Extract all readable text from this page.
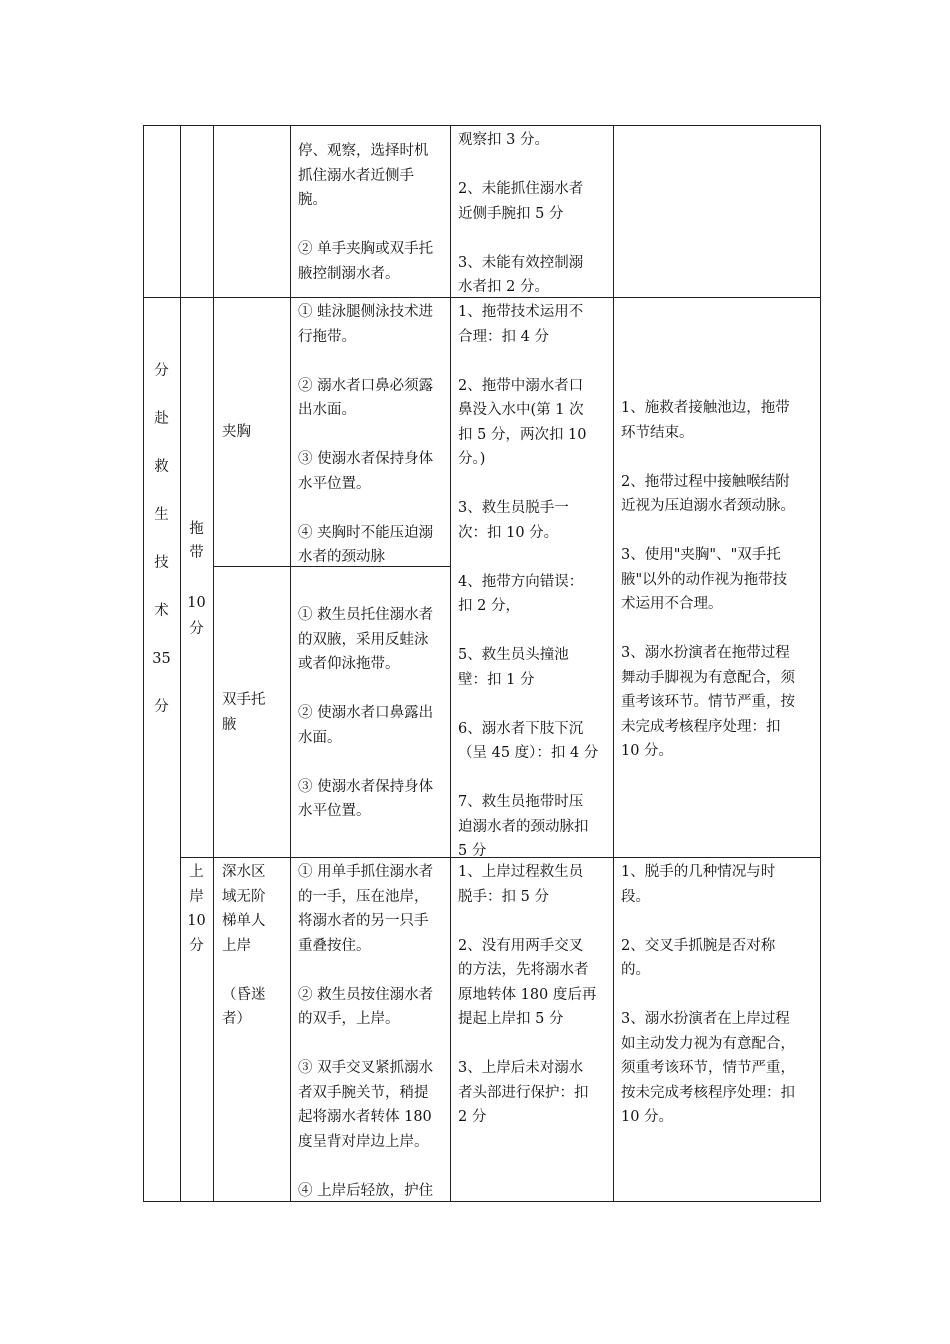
停、观察，选择时机
抓住溺水者近侧手
腕。
② 单手夹胸或双手托
腋控制溺水者。
观察扣 3 分。
2、未能抓住溺水者
近侧手腕扣 5 分
3、未能有效控制溺
水者扣 2 分。
分
赴
救
生
技
术
35
分
拖
带
10
分
夹胸
① 蛙泳腿侧泳技术进
行拖带。
② 溺水者口鼻必须露
出水面。
③ 使溺水者保持身体
水平位置。
④ 夹胸时不能压迫溺
水者的颈动脉
双手托
腋
① 救生员托住溺水者
的双腋，采用反蛙泳
或者仰泳拖带。
② 使溺水者口鼻露出
水面。
③ 使溺水者保持身体
水平位置。
1、拖带技术运用不
合理：扣 4 分
2、拖带中溺水者口
鼻没入水中(第 1 次
扣 5 分，两次扣 10
分。)
3、救生员脱手一
次：扣 10 分。
4、拖带方向错误：
扣 2 分，
5、救生员头撞池
壁：扣 1 分
6、溺水者下肢下沉
（呈 45 度）：扣 4 分
7、救生员拖带时压
迫溺水者的颈动脉扣
5 分
1、施救者接触池边，拖带
环节结束。
2、拖带过程中接触喉结附
近视为压迫溺水者颈动脉。
3、使用"夹胸"、"双手托
腋"以外的动作视为拖带技
术运用不合理。
3、溺水扮演者在拖带过程
舞动手脚视为有意配合，须
重考该环节。情节严重，按
未完成考核程序处理：扣
10 分。
上
岸
10
分
深水区
域无阶
梯单人
上岸
（昏迷
者）
① 用单手抓住溺水者
的一手，压在池岸，
将溺水者的另一只手
重叠按住。
② 救生员按住溺水者
的双手，上岸。
③ 双手交叉紧抓溺水
者双手腕关节，稍提
起将溺水者转体 180
度呈背对岸边上岸。
④ 上岸后轻放，护住
1、上岸过程救生员
脱手：扣 5 分
2、没有用两手交叉
的方法，先将溺水者
原地转体 180 度后再
提起上岸扣 5 分
3、上岸后未对溺水
者头部进行保护：扣
2 分
1、脱手的几种情况与时
段。
2、交叉手抓腕是否对称
的。
3、溺水扮演者在上岸过程
如主动发力视为有意配合，
须重考该环节，情节严重，
按未完成考核程序处理：扣
10 分。
